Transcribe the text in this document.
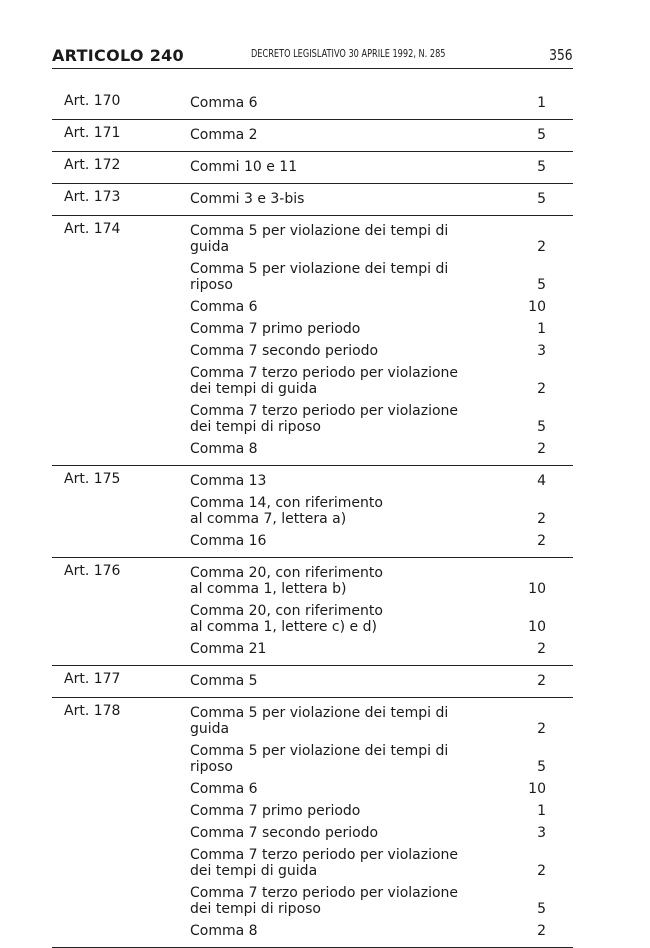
ARTICOLO 240	DECRETO LEGISLATIVO 30 APRILE 1992, N. 285	356
Art. 170	Comma 6	1
Art. 171	Comma 2	5
Art. 172	Commi 10 e 11	5
Art. 173	Commi 3 e 3-bis	5
Art. 174	Comma 5 per violazione dei tempi di guida	2
Comma 5 per violazione dei tempi di riposo	5
Comma 6	10
Comma 7 primo periodo	1
Comma 7 secondo periodo	3
Comma 7 terzo periodo per violazione
dei tempi di guida	2
Comma 7 terzo periodo per violazione
dei tempi di riposo	5
Comma 8	2
Art. 175	Comma 13	4
Comma 14, con riferimento
al comma 7, lettera a)	2
Comma 16	2
Art. 176	Comma 20, con riferimento
al comma 1, lettera b)	10
Comma 20, con riferimento
al comma 1, lettere c) e d)	10
Comma 21	2
Art. 177	Comma 5	2
Art. 178	Comma 5 per violazione dei tempi di guida	2
Comma 5 per violazione dei tempi di riposo	5
Comma 6	10
Comma 7 primo periodo	1
Comma 7 secondo periodo	3
Comma 7 terzo periodo per violazione
dei tempi di guida	2
Comma 7 terzo periodo per violazione
dei tempi di riposo	5
Comma 8	2
